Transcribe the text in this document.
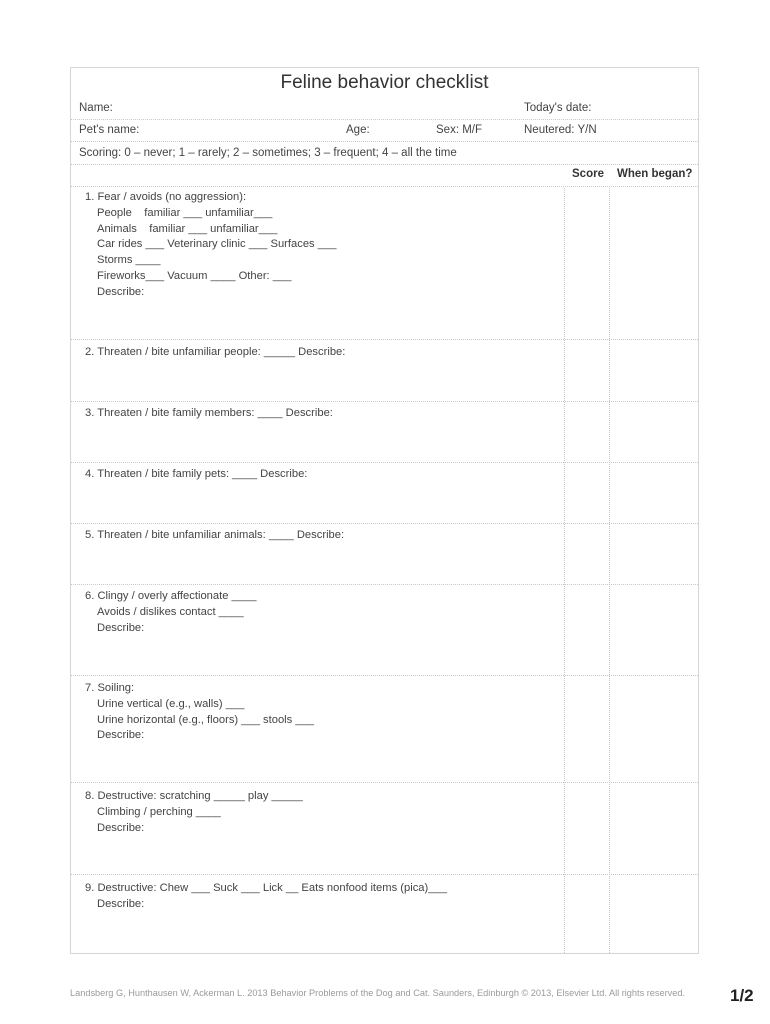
Feline behavior checklist
Name:	Today's date:
Pet's name:	Age:	Sex: M/F	Neutered: Y/N
Scoring: 0 – never; 1 – rarely; 2 – sometimes; 3 – frequent; 4 – all the time
Score When began?
1. Fear / avoids (no aggression):
People    familiar ___ unfamiliar___
Animals    familiar ___ unfamiliar___
Car rides ___ Veterinary clinic ___ Surfaces ___
Storms ____
Fireworks___ Vacuum ____ Other: ___
Describe:
2. Threaten / bite unfamiliar people: _____ Describe:
3. Threaten / bite family members: ____ Describe:
4. Threaten / bite family pets: ____ Describe:
5. Threaten / bite unfamiliar animals: ____ Describe:
6. Clingy / overly affectionate ____
Avoids / dislikes contact ____
Describe:
7. Soiling:
Urine vertical (e.g., walls) ___
Urine horizontal (e.g., floors) ___ stools ___
Describe:
8. Destructive: scratching _____ play _____
Climbing / perching ____
Describe:
9. Destructive: Chew ___ Suck ___ Lick __ Eats nonfood items (pica)___
Describe:
Landsberg G, Hunthausen W, Ackerman L. 2013 Behavior Problems of the Dog and Cat. Saunders, Edinburgh © 2013, Elsevier Ltd. All rights reserved.	1/2
